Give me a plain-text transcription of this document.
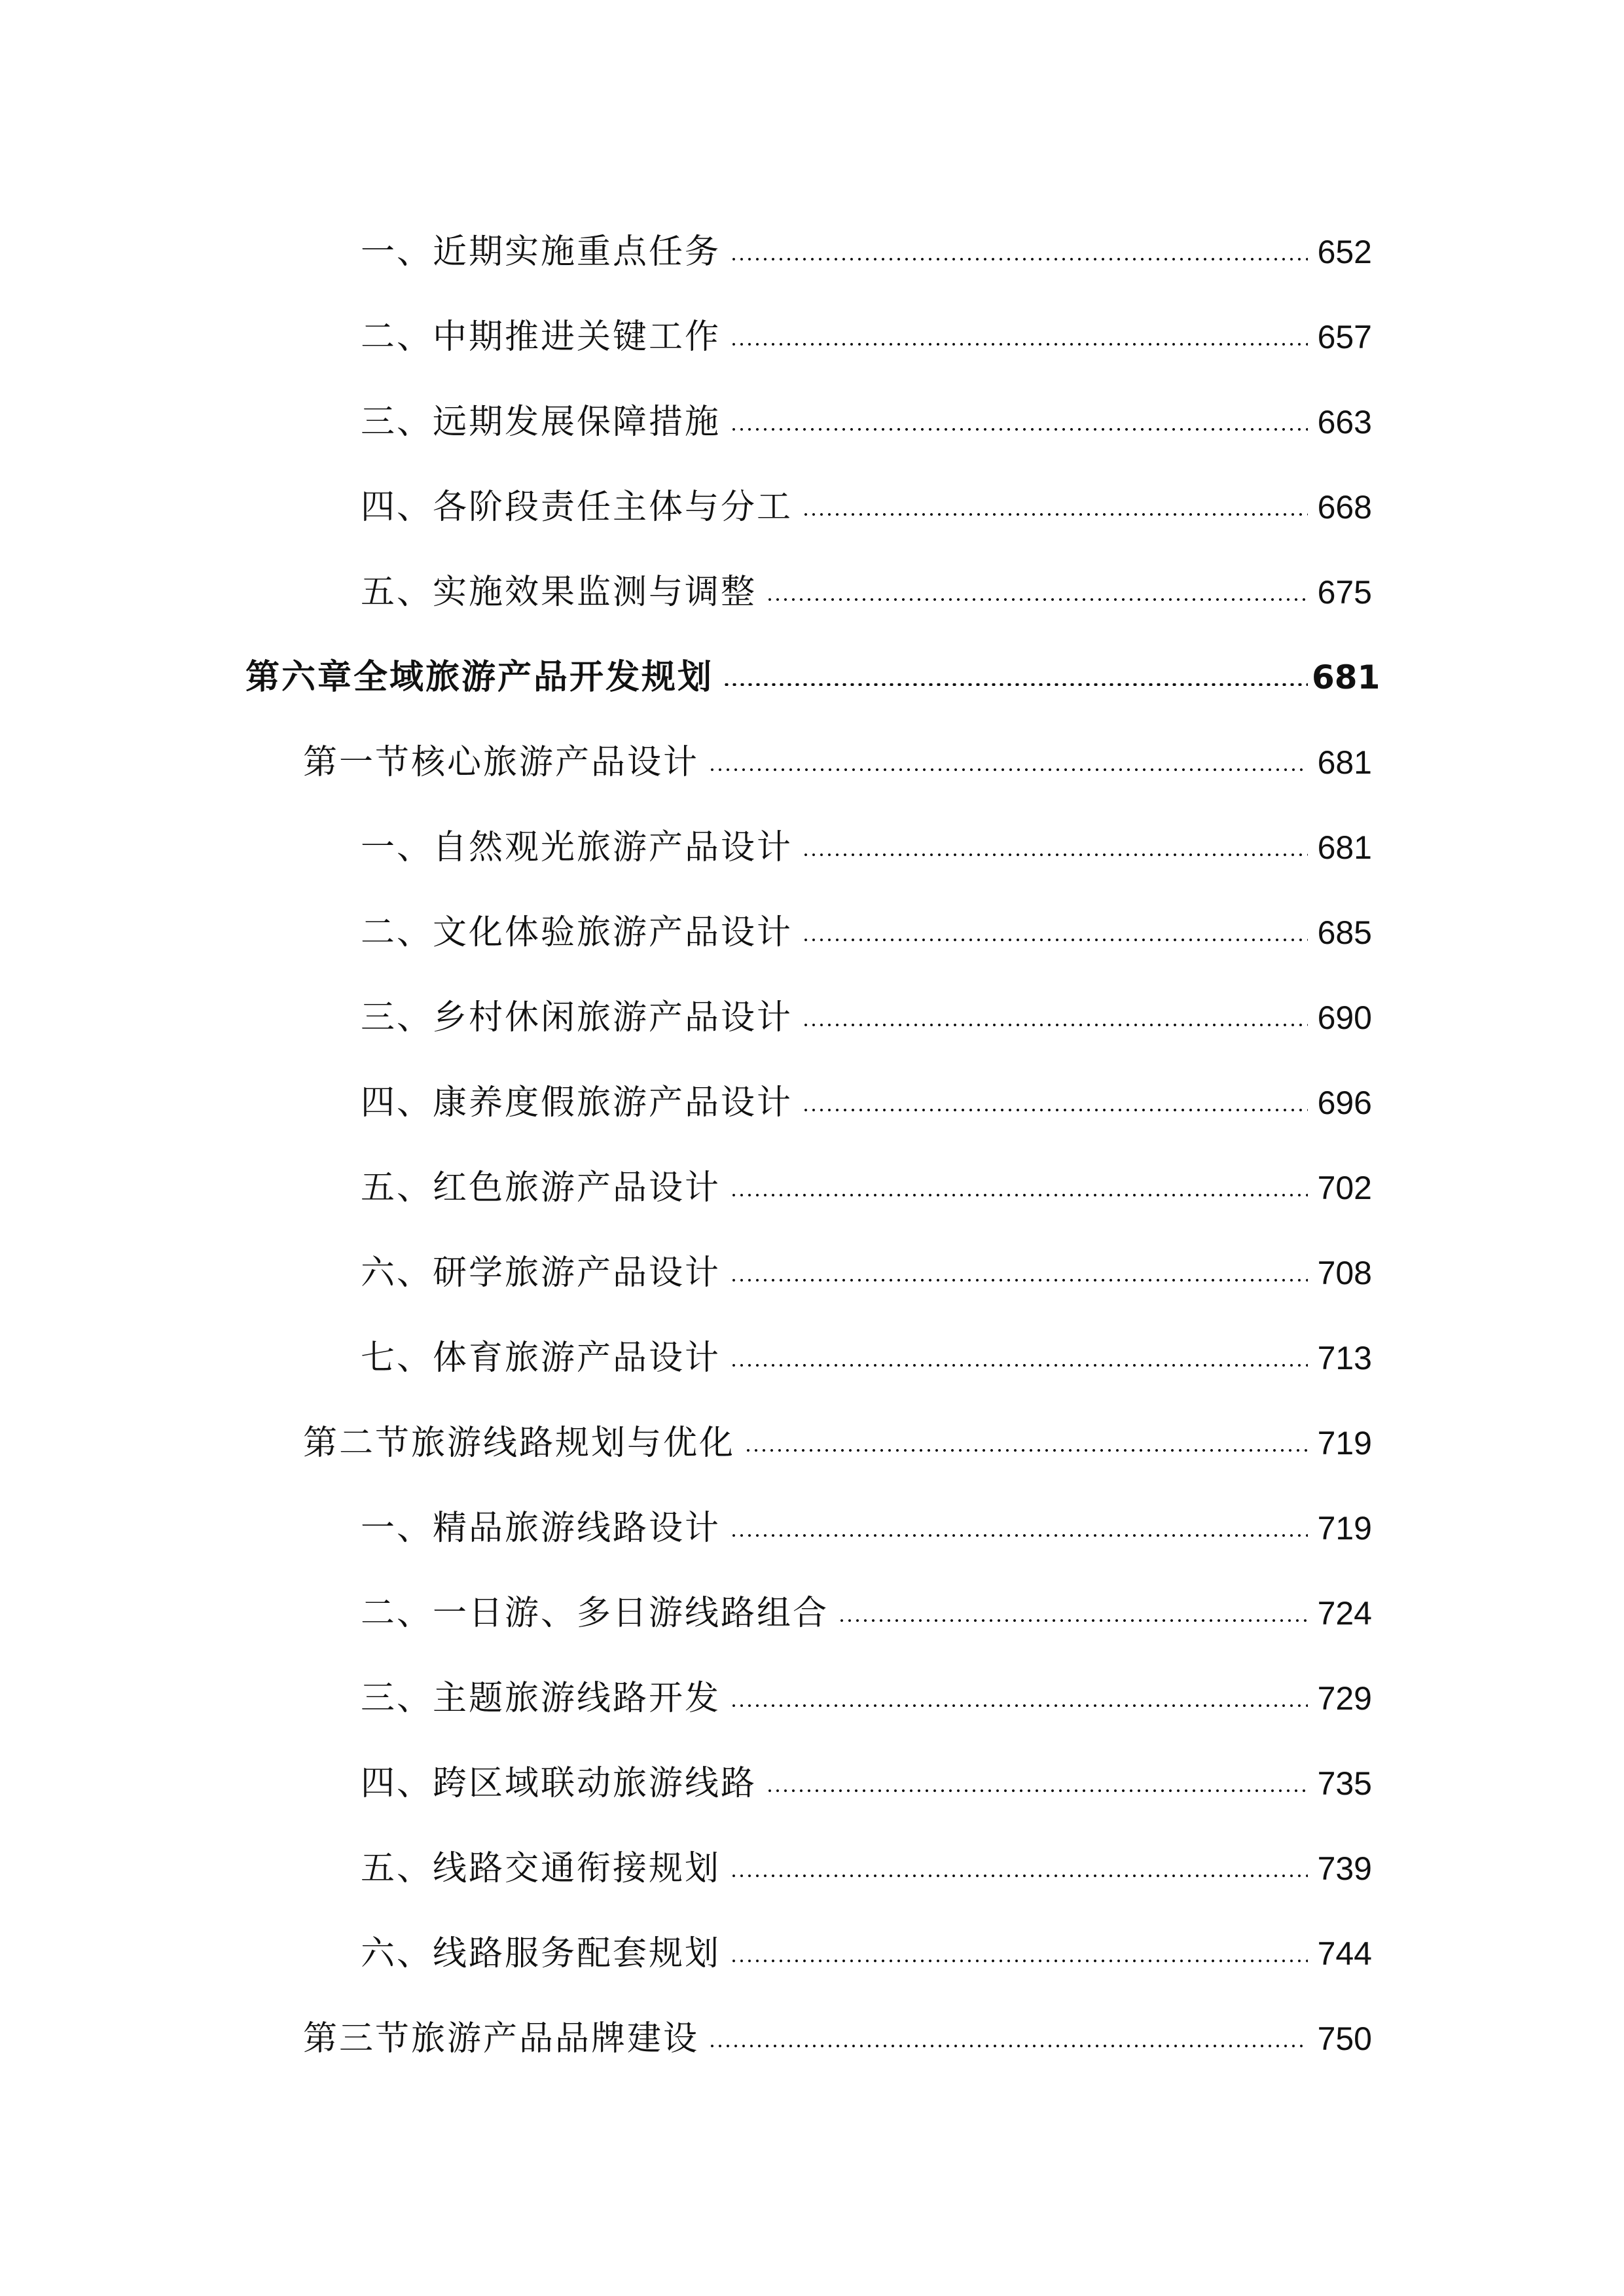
一、近期实施重点任务	652
二、中期推进关键工作	657
三、远期发展保障措施	663
四、各阶段责任主体与分工	668
五、实施效果监测与调整	675
第六章全域旅游产品开发规划	681
第一节核心旅游产品设计	681
一、自然观光旅游产品设计	681
二、文化体验旅游产品设计	685
三、乡村休闲旅游产品设计	690
四、康养度假旅游产品设计	696
五、红色旅游产品设计	702
六、研学旅游产品设计	708
七、体育旅游产品设计	713
第二节旅游线路规划与优化	719
一、精品旅游线路设计	719
二、一日游、多日游线路组合	724
三、主题旅游线路开发	729
四、跨区域联动旅游线路	735
五、线路交通衔接规划	739
六、线路服务配套规划	744
第三节旅游产品品牌建设	750
